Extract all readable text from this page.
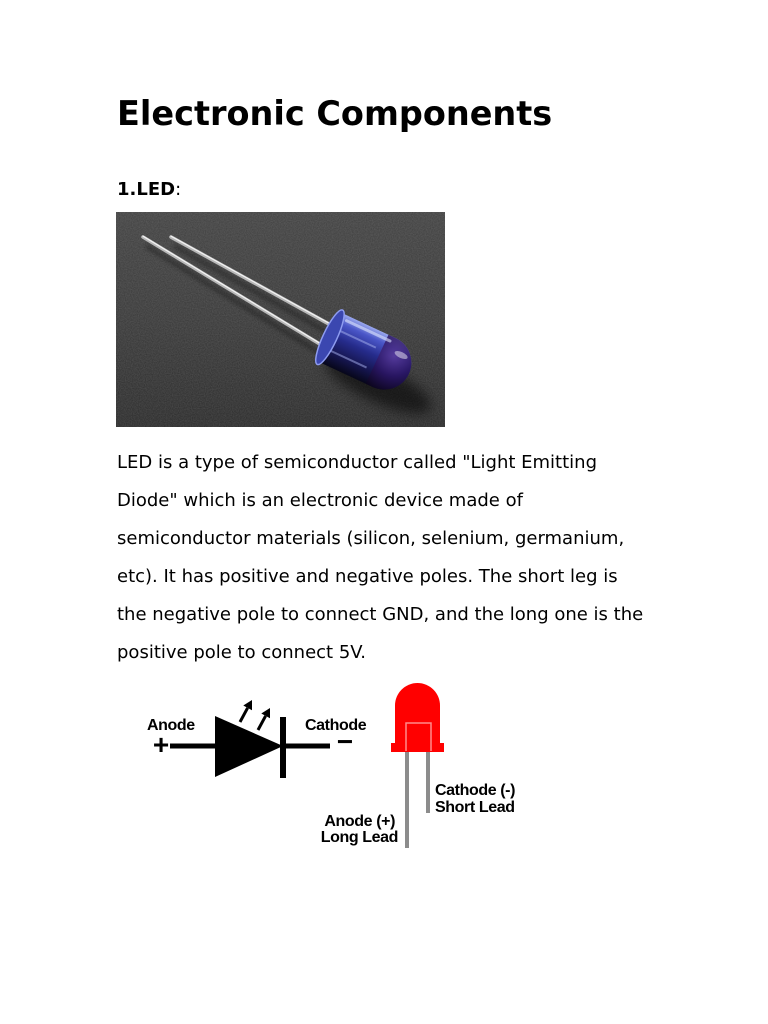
Electronic Components
1.LED:
LED is a type of semiconductor called "Light Emitting
Diode" which is an electronic device made of
semiconductor materials (silicon, selenium, germanium,
etc). It has positive and negative poles. The short leg is
the negative pole to connect GND, and the long one is the
positive pole to connect 5V.
Anode
+
Cathode
−
Cathode (-)
Short Lead
Anode (+)
Long Lead
